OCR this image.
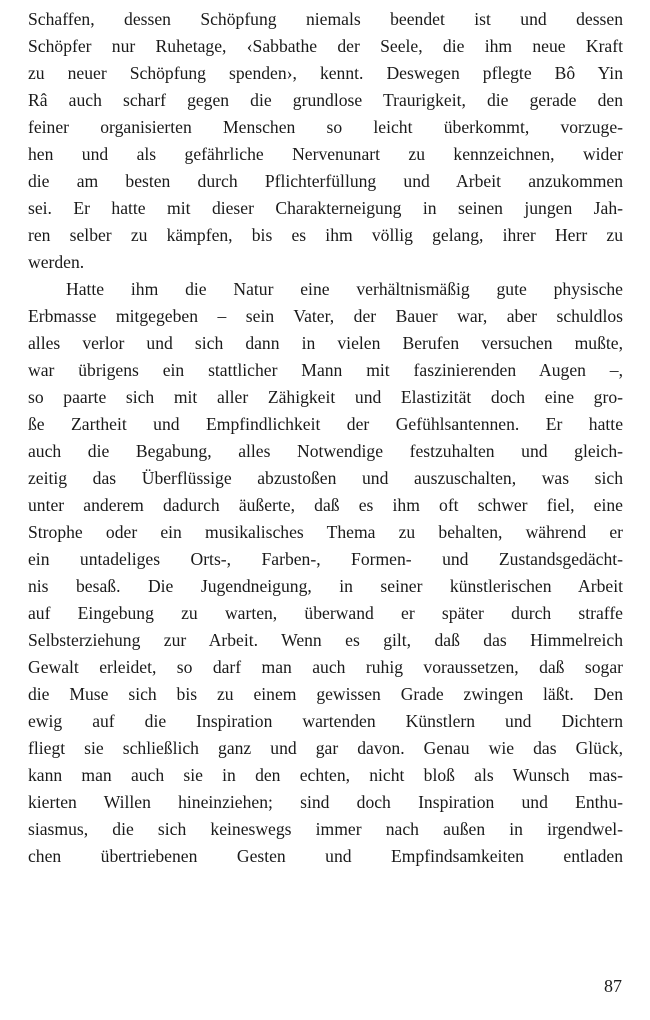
Schaffen, dessen Schöpfung niemals beendet ist und dessen
Schöpfer nur Ruhetage, ‹Sabbathe der Seele, die ihm neue Kraft
zu neuer Schöpfung spenden›, kennt. Deswegen pflegte Bô Yin
Râ auch scharf gegen die grundlose Traurigkeit, die gerade den
feiner organisierten Menschen so leicht überkommt, vorzuge-
hen und als gefährliche Nervenunart zu kennzeichnen, wider
die am besten durch Pflichterfüllung und Arbeit anzukommen
sei. Er hatte mit dieser Charakterneigung in seinen jungen Jah-
ren selber zu kämpfen, bis es ihm völlig gelang, ihrer Herr zu
werden.
Hatte ihm die Natur eine verhältnismäßig gute physische
Erbmasse mitgegeben – sein Vater, der Bauer war, aber schuldlos
alles verlor und sich dann in vielen Berufen versuchen mußte,
war übrigens ein stattlicher Mann mit faszinierenden Augen –,
so paarte sich mit aller Zähigkeit und Elastizität doch eine gro-
ße Zartheit und Empfindlichkeit der Gefühlsantennen. Er hatte
auch die Begabung, alles Notwendige festzuhalten und gleich-
zeitig das Überflüssige abzustoßen und auszuschalten, was sich
unter anderem dadurch äußerte, daß es ihm oft schwer fiel, eine
Strophe oder ein musikalisches Thema zu behalten, während er
ein untadeliges Orts-, Farben-, Formen- und Zustandsgedächt-
nis besaß. Die Jugendneigung, in seiner künstlerischen Arbeit
auf Eingebung zu warten, überwand er später durch straffe
Selbsterziehung zur Arbeit. Wenn es gilt, daß das Himmelreich
Gewalt erleidet, so darf man auch ruhig voraussetzen, daß sogar
die Muse sich bis zu einem gewissen Grade zwingen läßt. Den
ewig auf die Inspiration wartenden Künstlern und Dichtern
fliegt sie schließlich ganz und gar davon. Genau wie das Glück,
kann man auch sie in den echten, nicht bloß als Wunsch mas-
kierten Willen hineinziehen; sind doch Inspiration und Enthu-
siasmus, die sich keineswegs immer nach außen in irgendwel-
chen übertriebenen Gesten und Empfindsamkeiten entladen
87
